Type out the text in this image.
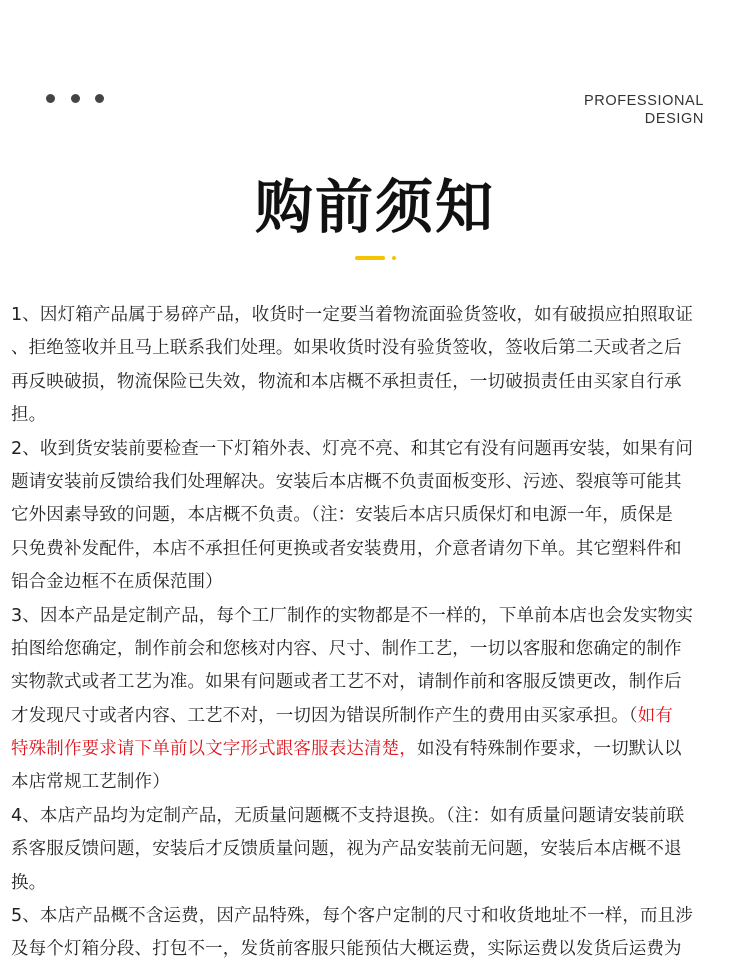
PROFESSIONAL
DESIGN
购前须知
1、因灯箱产品属于易碎产品，收货时一定要当着物流面验货签收，如有破损应拍照取证
、拒绝签收并且马上联系我们处理。如果收货时没有验货签收，签收后第二天或者之后
再反映破损，物流保险已失效，物流和本店概不承担责任，一切破损责任由买家自行承
担。
2、收到货安装前要检查一下灯箱外表、灯亮不亮、和其它有没有问题再安装，如果有问
题请安装前反馈给我们处理解决。安装后本店概不负责面板变形、污迹、裂痕等可能其
它外因素导致的问题，本店概不负责。（注：安装后本店只质保灯和电源一年，质保是
只免费补发配件，本店不承担任何更换或者安装费用，介意者请勿下单。其它塑料件和
铝合金边框不在质保范围）
3、因本产品是定制产品，每个工厂制作的实物都是不一样的，下单前本店也会发实物实
拍图给您确定，制作前会和您核对内容、尺寸、制作工艺，一切以客服和您确定的制作
实物款式或者工艺为准。如果有问题或者工艺不对，请制作前和客服反馈更改，制作后
才发现尺寸或者内容、工艺不对，一切因为错误所制作产生的费用由买家承担。（如有
特殊制作要求请下单前以文字形式跟客服表达清楚，如没有特殊制作要求，一切默认以
本店常规工艺制作）
4、本店产品均为定制产品，无质量问题概不支持退换。（注：如有质量问题请安装前联
系客服反馈问题，安装后才反馈质量问题，视为产品安装前无问题，安装后本店概不退
换。
5、本店产品概不含运费，因产品特殊，每个客户定制的尺寸和收货地址不一样，而且涉
及每个灯箱分段、打包不一，发货前客服只能预估大概运费，实际运费以发货后运费为
